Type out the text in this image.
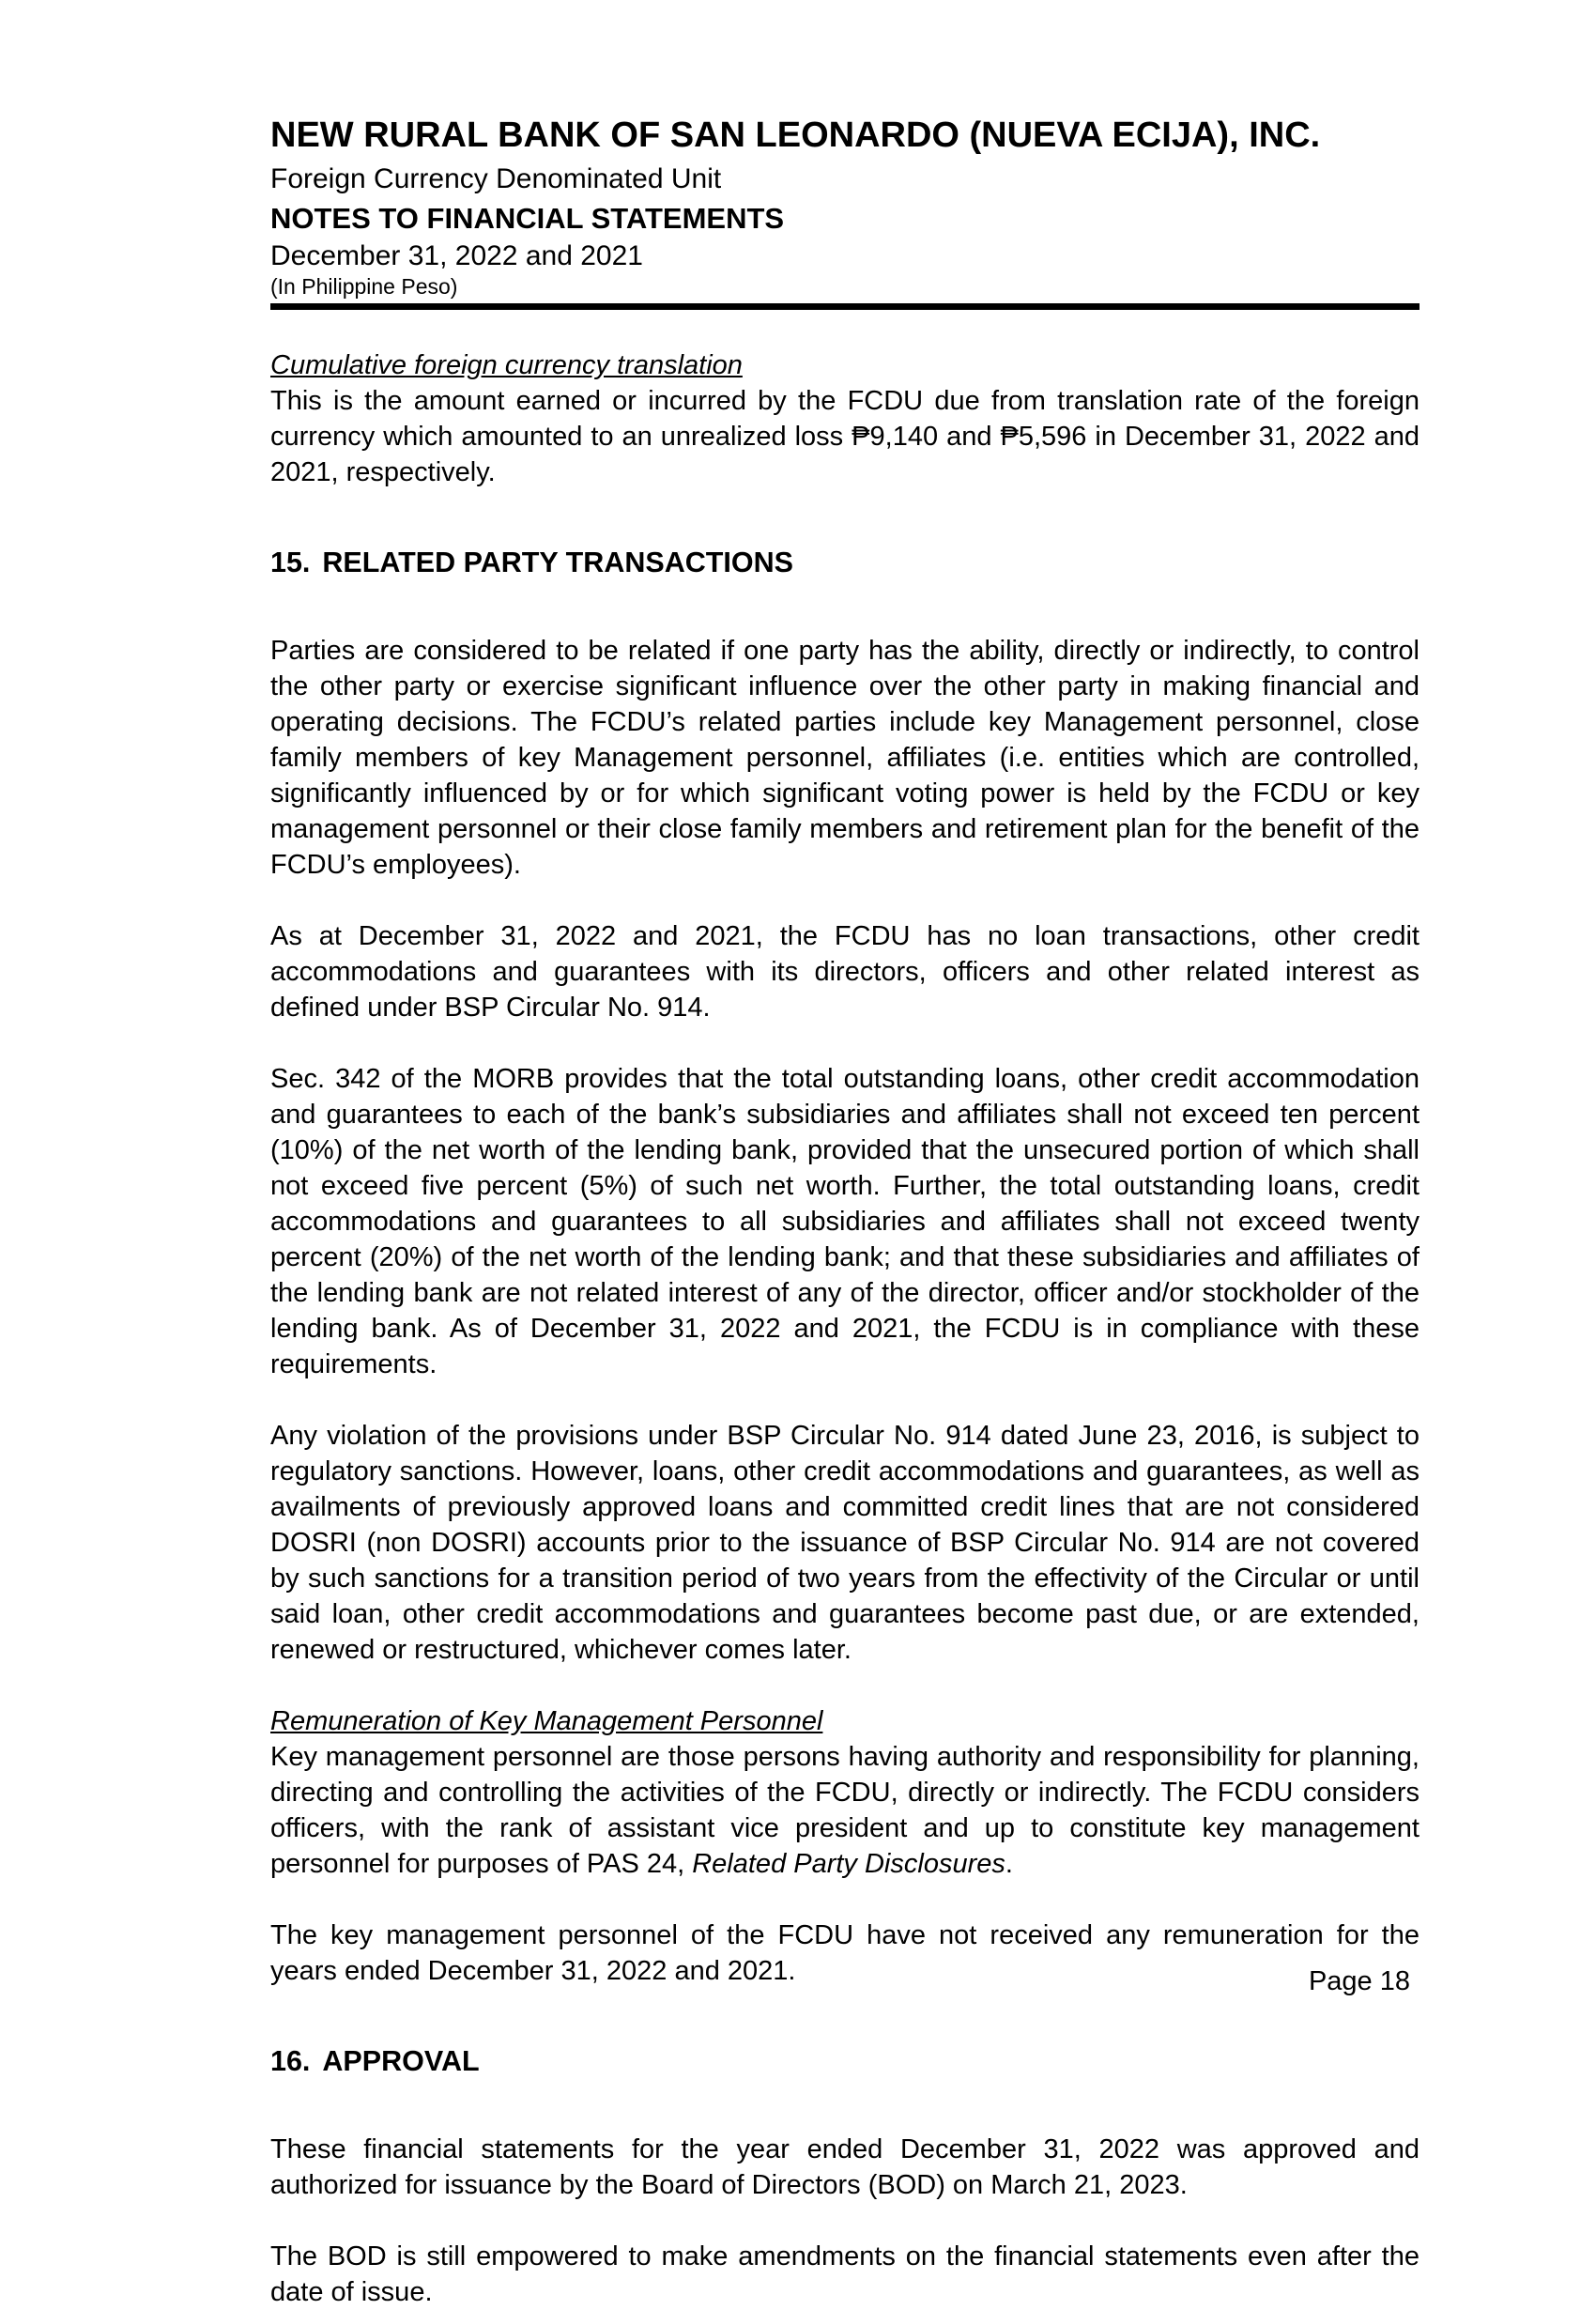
NEW RURAL BANK OF SAN LEONARDO (NUEVA ECIJA), INC.
Foreign Currency Denominated Unit
NOTES TO FINANCIAL STATEMENTS
December 31, 2022 and 2021
(In Philippine Peso)
Cumulative foreign currency translation

This is the amount earned or incurred by the FCDU due from translation rate of the foreign currency which amounted to an unrealized loss ₱9,140 and ₱5,596 in December 31, 2022 and 2021, respectively.

15. RELATED PARTY TRANSACTIONS

Parties are considered to be related if one party has the ability, directly or indirectly, to control the other party or exercise significant influence over the other party in making financial and operating decisions. The FCDU’s related parties include key Management personnel, close family members of key Management personnel, affiliates (i.e. entities which are controlled, significantly influenced by or for which significant voting power is held by the FCDU or key management personnel or their close family members and retirement plan for the benefit of the FCDU’s employees).

As at December 31, 2022 and 2021, the FCDU has no loan transactions, other credit accommodations and guarantees with its directors, officers and other related interest as defined under BSP Circular No. 914.

Sec. 342 of the MORB provides that the total outstanding loans, other credit accommodation and guarantees to each of the bank’s subsidiaries and affiliates shall not exceed ten percent (10%) of the net worth of the lending bank, provided that the unsecured portion of which shall not exceed five percent (5%) of such net worth. Further, the total outstanding loans, credit accommodations and guarantees to all subsidiaries and affiliates shall not exceed twenty percent (20%) of the net worth of the lending bank; and that these subsidiaries and affiliates of the lending bank are not related interest of any of the director, officer and/or stockholder of the lending bank. As of December 31, 2022 and 2021, the FCDU is in compliance with these requirements.

Any violation of the provisions under BSP Circular No. 914 dated June 23, 2016, is subject to regulatory sanctions. However, loans, other credit accommodations and guarantees, as well as availments of previously approved loans and committed credit lines that are not considered DOSRI (non DOSRI) accounts prior to the issuance of BSP Circular No. 914 are not covered by such sanctions for a transition period of two years from the effectivity of the Circular or until said loan, other credit accommodations and guarantees become past due, or are extended, renewed or restructured, whichever comes later.

Remuneration of Key Management Personnel

Key management personnel are those persons having authority and responsibility for planning, directing and controlling the activities of the FCDU, directly or indirectly. The FCDU considers officers, with the rank of assistant vice president and up to constitute key management personnel for purposes of PAS 24, Related Party Disclosures.

The key management personnel of the FCDU have not received any remuneration for the years ended December 31, 2022 and 2021.

16. APPROVAL

These financial statements for the year ended December 31, 2022 was approved and authorized for issuance by the Board of Directors (BOD) on March 21, 2023.

The BOD is still empowered to make amendments on the financial statements even after the date of issue.

Page 18
